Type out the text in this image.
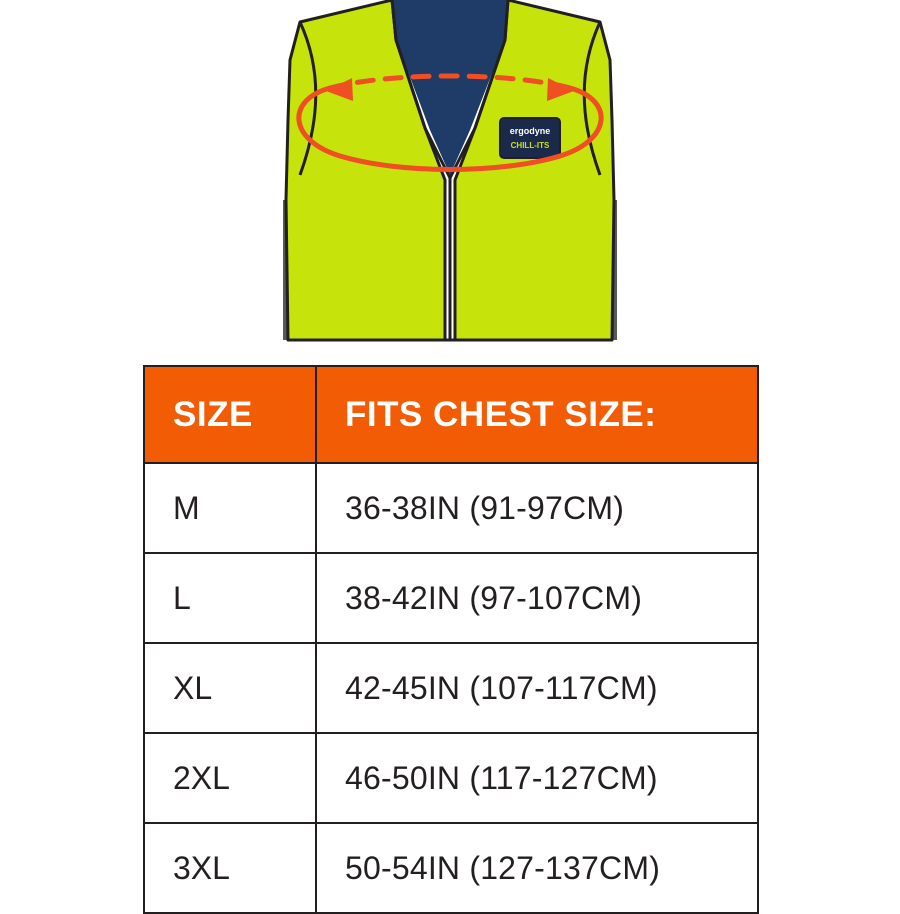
ergodyne
CHILL-ITS
SIZE	FITS CHEST SIZE:

M	36-38IN (91-97CM)

L	38-42IN (97-107CM)

XL	42-45IN (107-117CM)

2XL	46-50IN (117-127CM)

3XL	50-54IN (127-137CM)
